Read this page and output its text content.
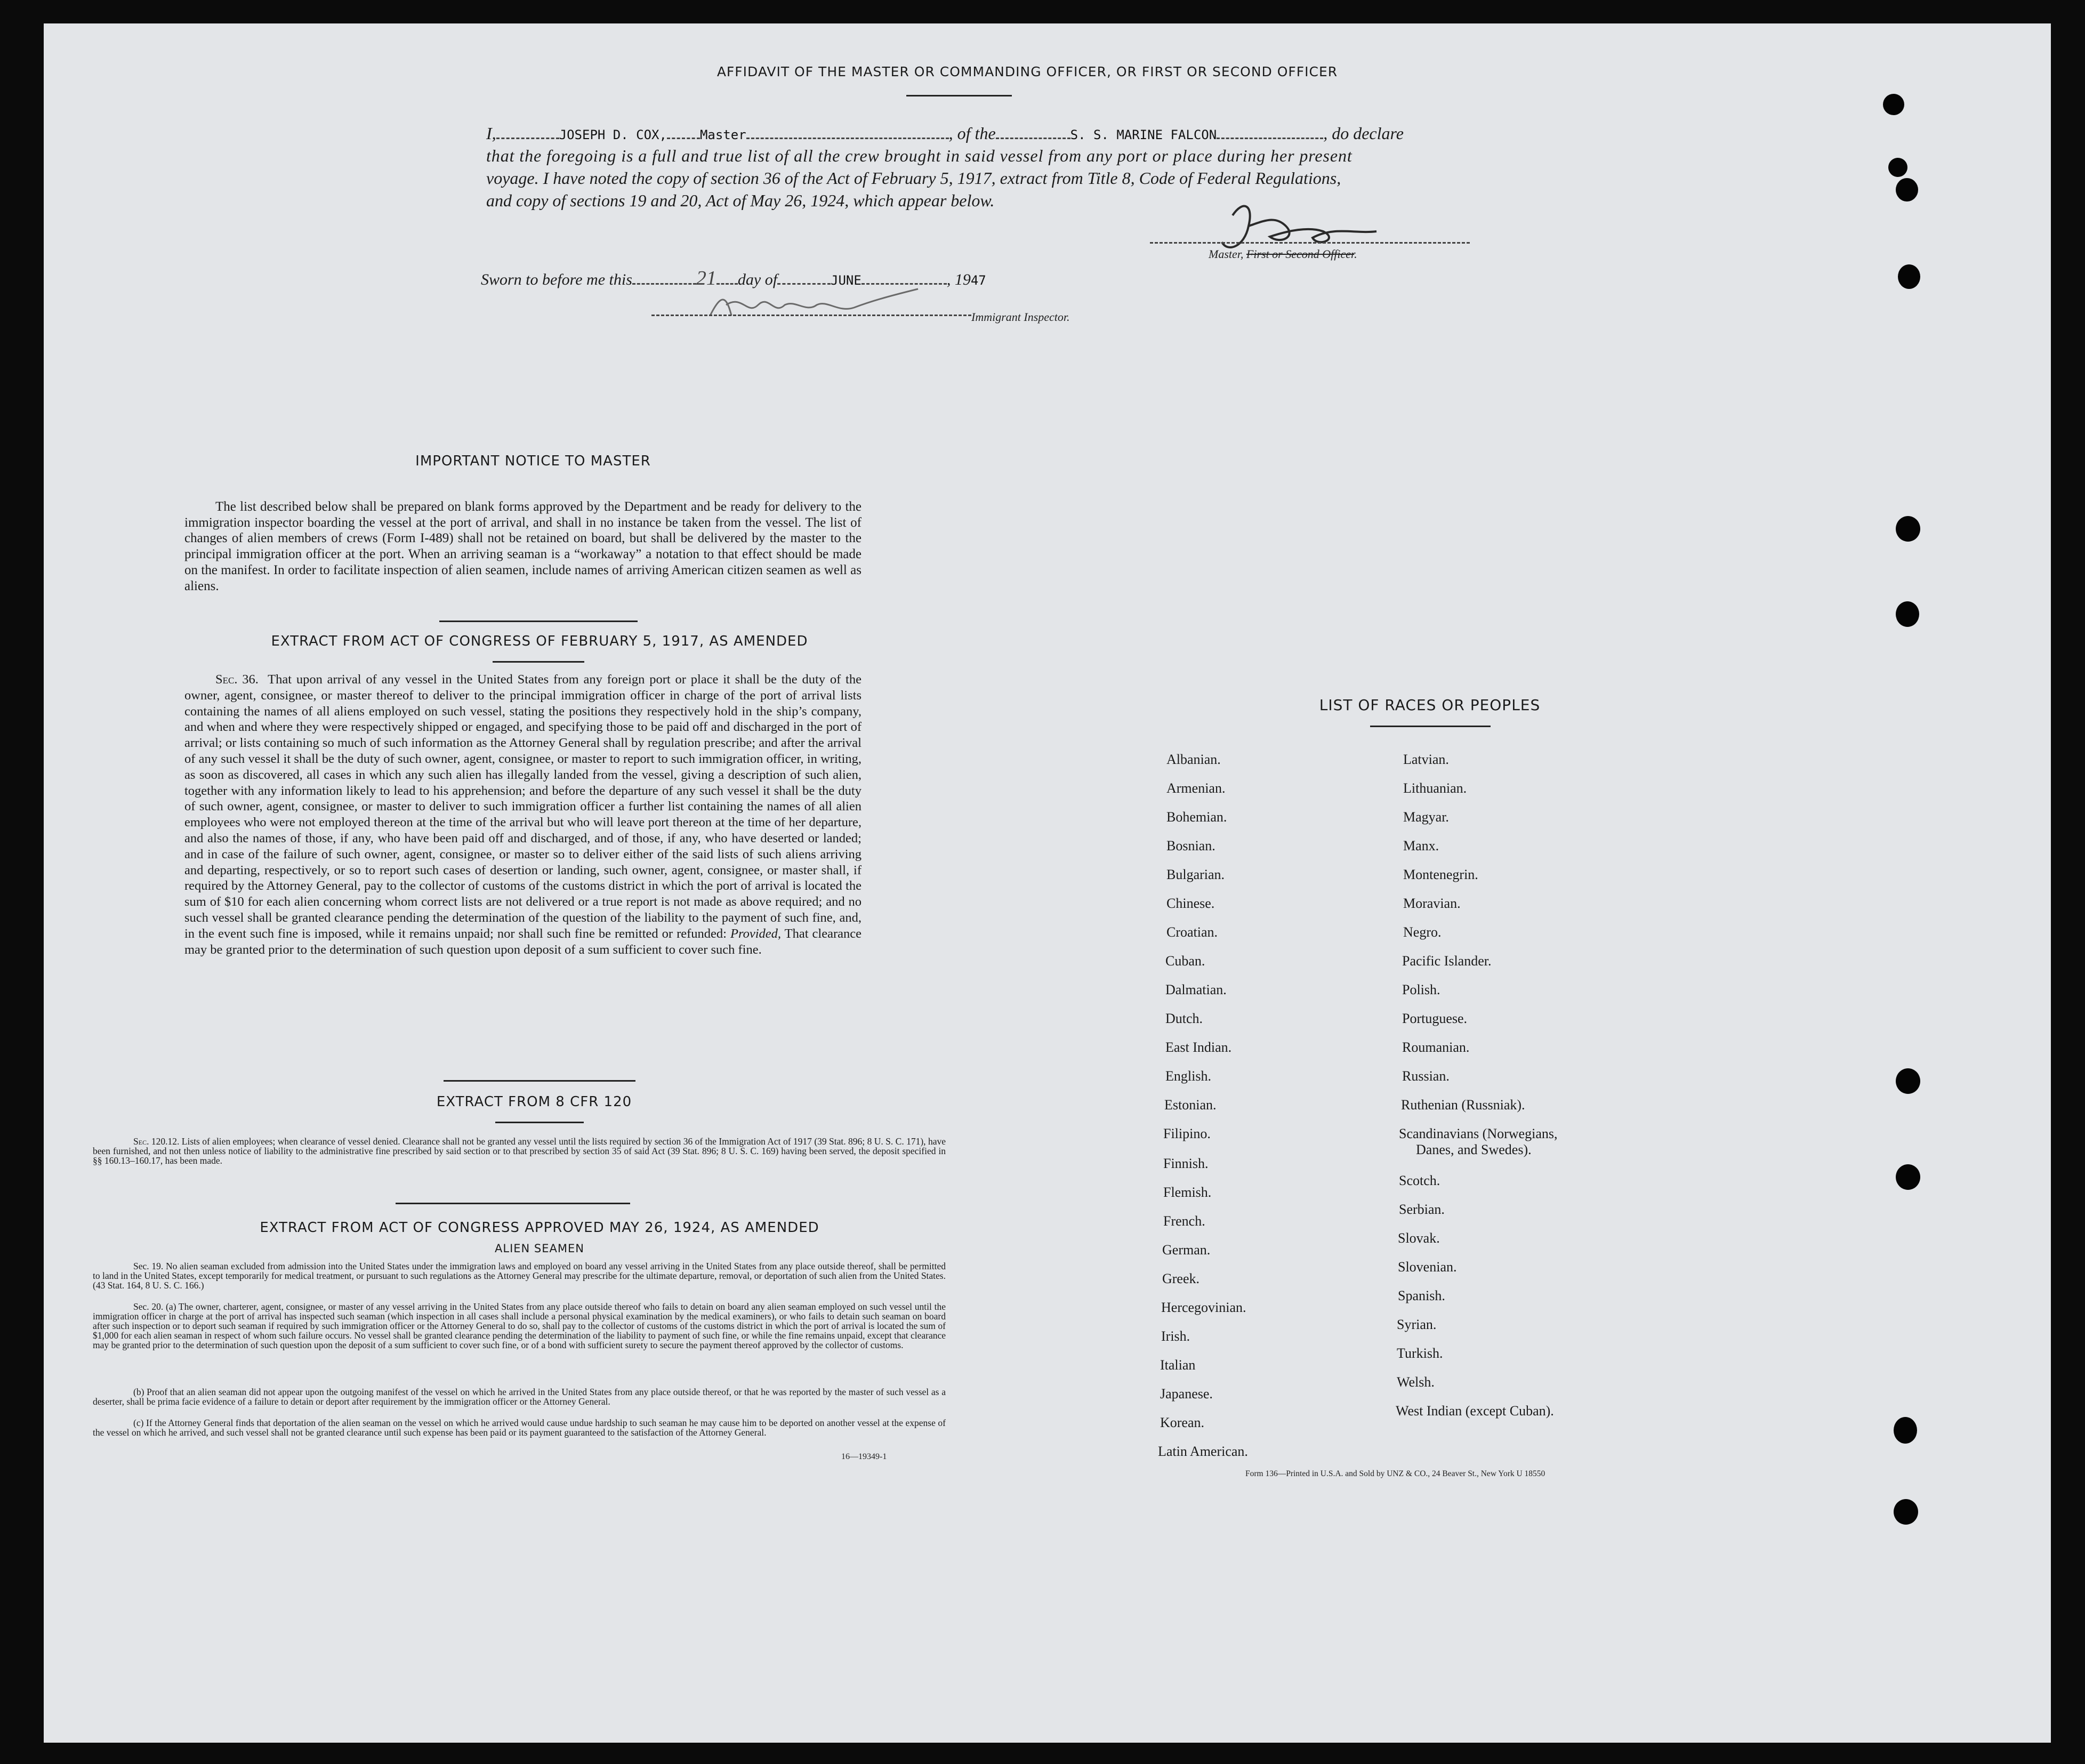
AFFIDAVIT OF THE MASTER OR COMMANDING OFFICER, OR FIRST OR SECOND OFFICER
I,	JOSEPH D. COX,	Master	, of the	S. S. MARINE FALCON	, do declare
that the foregoing is a full and true list of all the crew brought in said vessel from any port or place during her present
voyage. I have noted the copy of section 36 of the Act of February 5, 1917, extract from Title 8, Code of Federal Regulations,
and copy of sections 19 and 20, Act of May 26, 1924, which appear below.
Master, First or Second Officer.
Sworn to before me this	21 day of	JUNE	, 1947
Immigrant Inspector.
IMPORTANT NOTICE TO MASTER
The list described below shall be prepared on blank forms approved by the Department and be ready for delivery to the immigration inspector boarding the vessel at the port of arrival, and shall in no instance be taken from the vessel. The list of changes of alien members of crews (Form I-489) shall not be retained on board, but shall be delivered by the master to the principal immigration officer at the port. When an arriving seaman is a “workaway” a notation to that effect should be made on the manifest. In order to facilitate inspection of alien seamen, include names of arriving American citizen seamen as well as aliens.
EXTRACT FROM ACT OF CONGRESS OF FEBRUARY 5, 1917, AS AMENDED
Sec. 36. That upon arrival of any vessel in the United States from any foreign port or place it shall be the duty of the owner, agent, consignee, or master thereof to deliver to the principal immigration officer in charge of the port of arrival lists containing the names of all aliens employed on such vessel, stating the positions they respectively hold in the ship’s company, and when and where they were respectively shipped or engaged, and specifying those to be paid off and discharged in the port of arrival; or lists containing so much of such information as the Attorney General shall by regulation prescribe; and after the arrival of any such vessel it shall be the duty of such owner, agent, consignee, or master to report to such immigration officer, in writing, as soon as discovered, all cases in which any such alien has illegally landed from the vessel, giving a description of such alien, together with any information likely to lead to his apprehension; and before the departure of any such vessel it shall be the duty of such owner, agent, consignee, or master to deliver to such immigration officer a further list containing the names of all alien employees who were not employed thereon at the time of the arrival but who will leave port thereon at the time of her departure, and also the names of those, if any, who have been paid off and discharged, and of those, if any, who have deserted or landed; and in case of the failure of such owner, agent, consignee, or master so to deliver either of the said lists of such aliens arriving and departing, respectively, or so to report such cases of desertion or landing, such owner, agent, consignee, or master shall, if required by the Attorney General, pay to the collector of customs of the customs district in which the port of arrival is located the sum of $10 for each alien concerning whom correct lists are not delivered or a true report is not made as above required; and no such vessel shall be granted clearance pending the determination of the question of the liability to the payment of such fine, and, in the event such fine is imposed, while it remains unpaid; nor shall such fine be remitted or refunded: Provided, That clearance may be granted prior to the determination of such question upon deposit of a sum sufficient to cover such fine.
EXTRACT FROM 8 CFR 120
Sec. 120.12. Lists of alien employees; when clearance of vessel denied. Clearance shall not be granted any vessel until the lists required by section 36 of the Immigration Act of 1917 (39 Stat. 896; 8 U. S. C. 171), have been furnished, and not then unless notice of liability to the administrative fine prescribed by said section or to that prescribed by section 35 of said Act (39 Stat. 896; 8 U. S. C. 169) having been served, the deposit specified in §§ 160.13–160.17, has been made.
EXTRACT FROM ACT OF CONGRESS APPROVED MAY 26, 1924, AS AMENDED
ALIEN SEAMEN
Sec. 19. No alien seaman excluded from admission into the United States under the immigration laws and employed on board any vessel arriving in the United States from any place outside thereof, shall be permitted to land in the United States, except temporarily for medical treatment, or pursuant to such regulations as the Attorney General may prescribe for the ultimate departure, removal, or deportation of such alien from the United States. (43 Stat. 164, 8 U. S. C. 166.)
Sec. 20. (a) The owner, charterer, agent, consignee, or master of any vessel arriving in the United States from any place outside thereof who fails to detain on board any alien seaman employed on such vessel until the immigration officer in charge at the port of arrival has inspected such seaman (which inspection in all cases shall include a personal physical examination by the medical examiners), or who fails to detain such seaman on board after such inspection or to deport such seaman if required by such immigration officer or the Attorney General to do so, shall pay to the collector of customs of the customs district in which the port of arrival is located the sum of $1,000 for each alien seaman in respect of whom such failure occurs. No vessel shall be granted clearance pending the determination of the liability to payment of such fine, or while the fine remains unpaid, except that clearance may be granted prior to the determination of such question upon the deposit of a sum sufficient to cover such fine, or of a bond with sufficient surety to secure the payment thereof approved by the collector of customs.
(b) Proof that an alien seaman did not appear upon the outgoing manifest of the vessel on which he arrived in the United States from any place outside thereof, or that he was reported by the master of such vessel as a deserter, shall be prima facie evidence of a failure to detain or deport after requirement by the immigration officer or the Attorney General.
(c) If the Attorney General finds that deportation of the alien seaman on the vessel on which he arrived would cause undue hardship to such seaman he may cause him to be deported on another vessel at the expense of the vessel on which he arrived, and such vessel shall not be granted clearance until such expense has been paid or its payment guaranteed to the satisfaction of the Attorney General.
16—19349-1
LIST OF RACES OR PEOPLES
Form 136—Printed in U.S.A. and Sold by UNZ & CO., 24 Beaver St., New York U 18550
Albanian.
Armenian.
Bohemian.
Bosnian.
Bulgarian.
Chinese.
Croatian.
Cuban.
Dalmatian.
Dutch.
East Indian.
English.
Estonian.
Filipino.
Finnish.
Flemish.
French.
German.
Greek.
Hercegovinian.
Irish.
Italian
Japanese.
Korean.
Latin American.
Latvian.
Lithuanian.
Magyar.
Manx.
Montenegrin.
Moravian.
Negro.
Pacific Islander.
Polish.
Portuguese.
Roumanian.
Russian.
Ruthenian (Russniak).
Scandinavians (Norwegians,
Danes, and Swedes).
Scotch.
Serbian.
Slovak.
Slovenian.
Spanish.
Syrian.
Turkish.
Welsh.
West Indian (except Cuban).
